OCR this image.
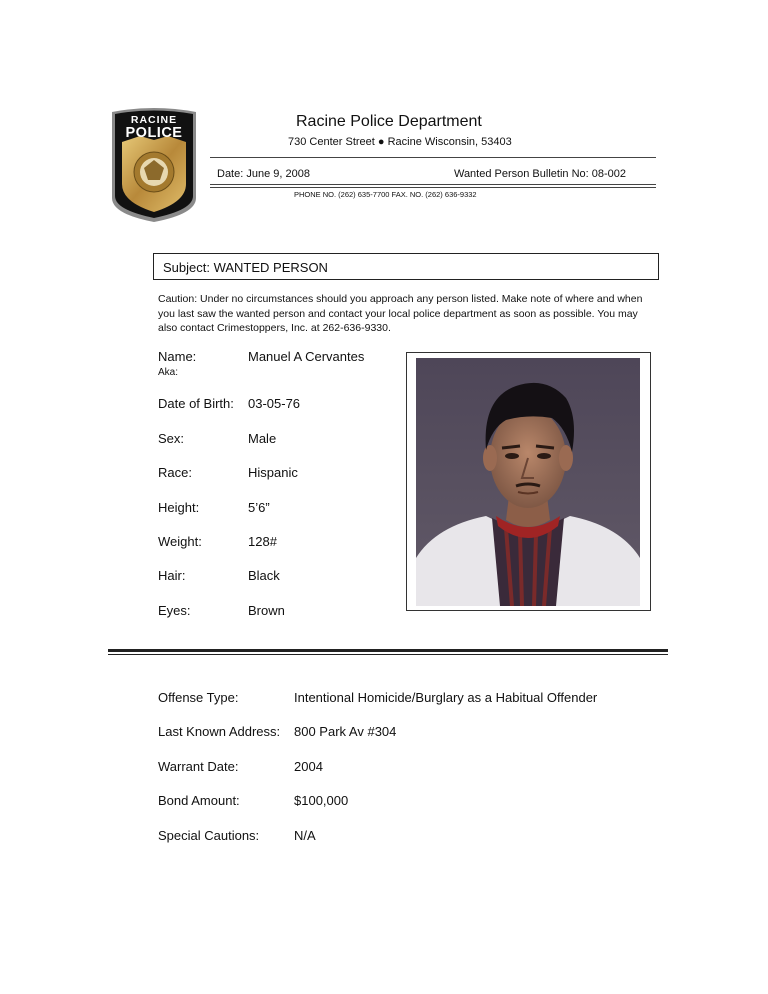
RACINE
POLICE
Racine Police Department
730 Center Street ● Racine Wisconsin, 53403
Date: June 9, 2008	Wanted Person Bulletin No: 08-002
PHONE NO. (262) 635-7700 FAX. NO. (262) 636-9332
Subject: WANTED PERSON
Caution: Under no circumstances should you approach any person listed. Make note of where and when you last saw the wanted person and contact your local police department as soon as possible. You may also contact Crimestoppers, Inc. at 262-636-9330.
Name:	Manuel A Cervantes
Aka:
Date of Birth: 03-05-76
Sex:	Male
Race:	Hispanic
Height:	5’6”
Weight:	128#
Hair:	Black
Eyes:	Brown
Offense Type:	Intentional Homicide/Burglary as a Habitual Offender
Last Known Address: 800 Park Av #304
Warrant Date:	2004
Bond Amount:	$100,000
Special Cautions:	N/A
